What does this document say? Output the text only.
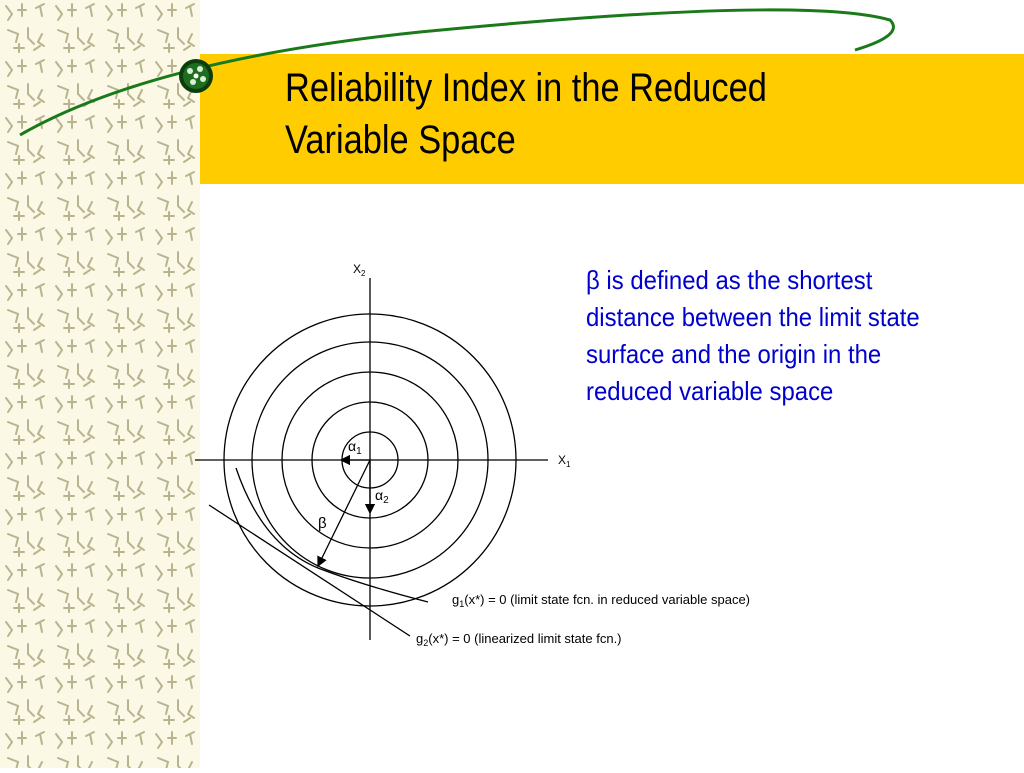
Reliability Index in the Reduced
Variable Space
β is defined as the shortest
distance between the limit state
surface and the origin in the
reduced variable space
$X_2$
$X_1$
$\alpha_1$
$\alpha_2$
β
$g_1(x*) = 0$ (limit state fcn. in reduced variable space)
$g_2(x*) = 0$ (linearized limit state fcn.)
